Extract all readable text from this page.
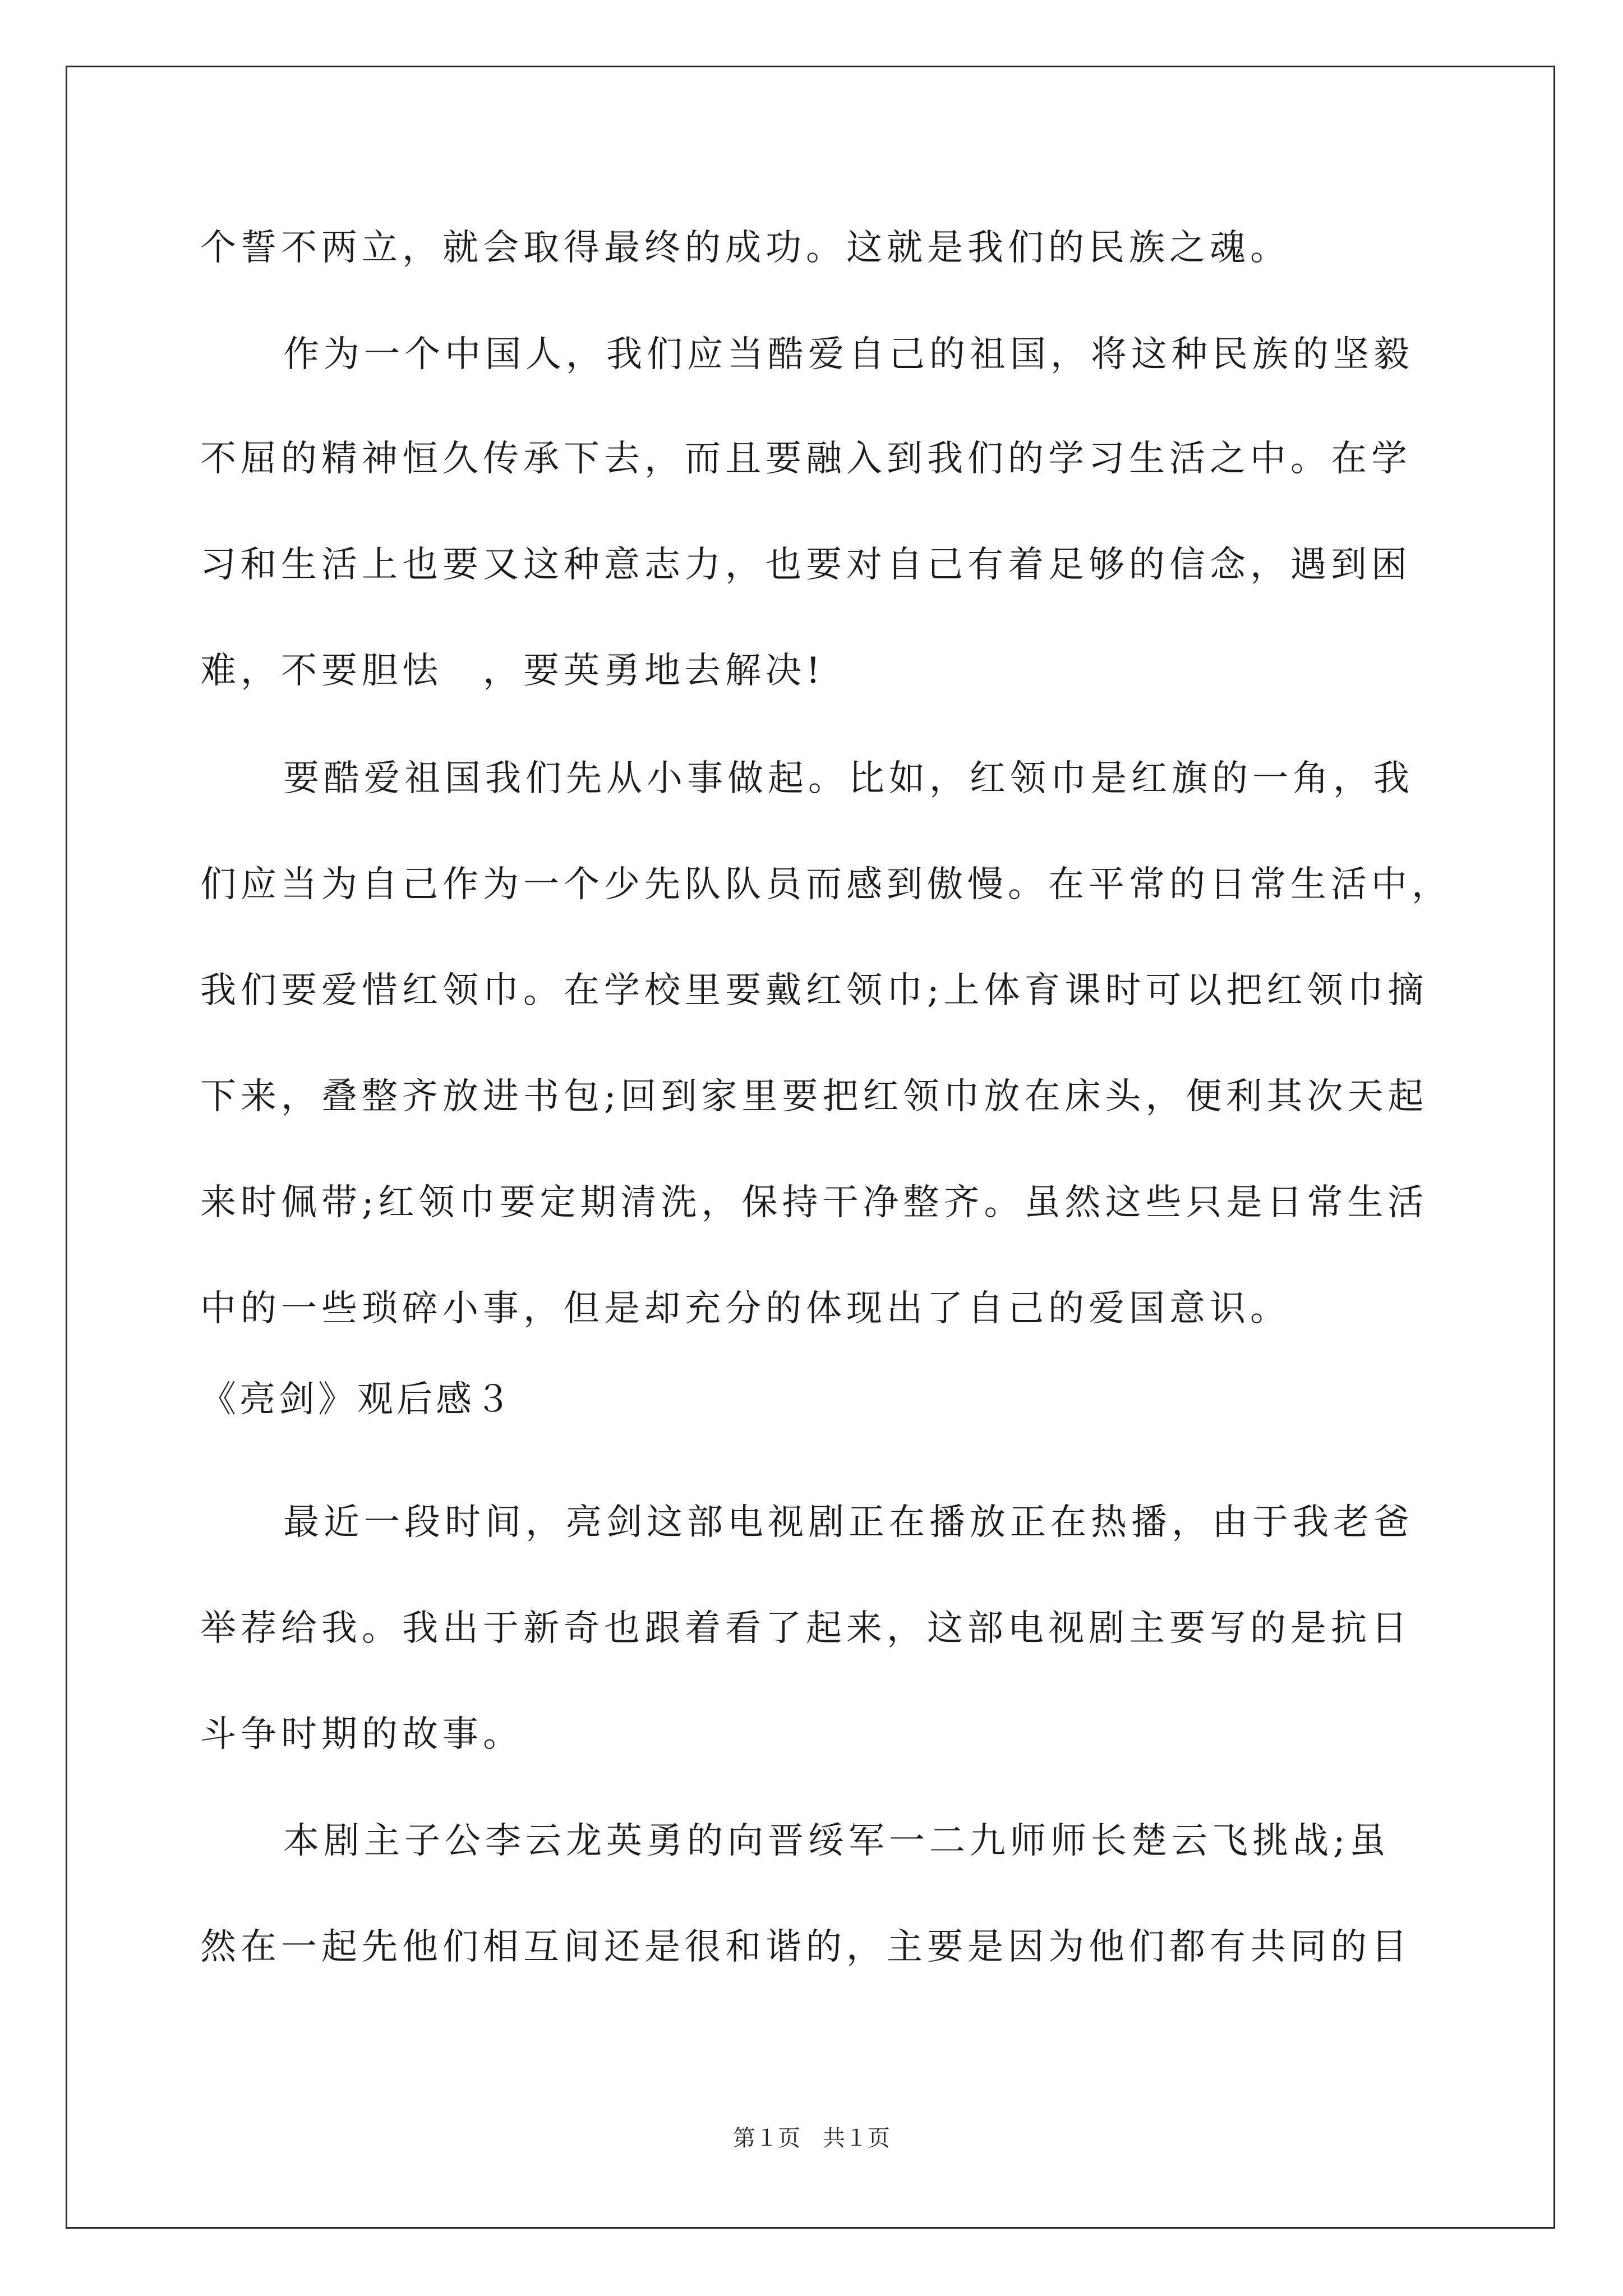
个誓不两立，就会取得最终的成功。这就是我们的民族之魂。
作为一个中国人，我们应当酷爱自己的祖国，将这种民族的坚毅
不屈的精神恒久传承下去，而且要融入到我们的学习生活之中。在学
习和生活上也要又这种意志力，也要对自己有着足够的信念，遇到困
难，不要胆怯　，要英勇地去解决!
要酷爱祖国我们先从小事做起。比如，红领巾是红旗的一角，我
们应当为自己作为一个少先队队员而感到傲慢。在平常的日常生活中，
我们要爱惜红领巾。在学校里要戴红领巾;上体育课时可以把红领巾摘
下来，叠整齐放进书包;回到家里要把红领巾放在床头，便利其次天起
来时佩带;红领巾要定期清洗，保持干净整齐。虽然这些只是日常生活
中的一些琐碎小事，但是却充分的体现出了自己的爱国意识。
《亮剑》观后感３
最近一段时间，亮剑这部电视剧正在播放正在热播，由于我老爸
举荐给我。我出于新奇也跟着看了起来，这部电视剧主要写的是抗日
斗争时期的故事。
本剧主子公李云龙英勇的向晋绥军一二九师师长楚云飞挑战;虽
然在一起先他们相互间还是很和谐的，主要是因为他们都有共同的目
第１页　共１页
